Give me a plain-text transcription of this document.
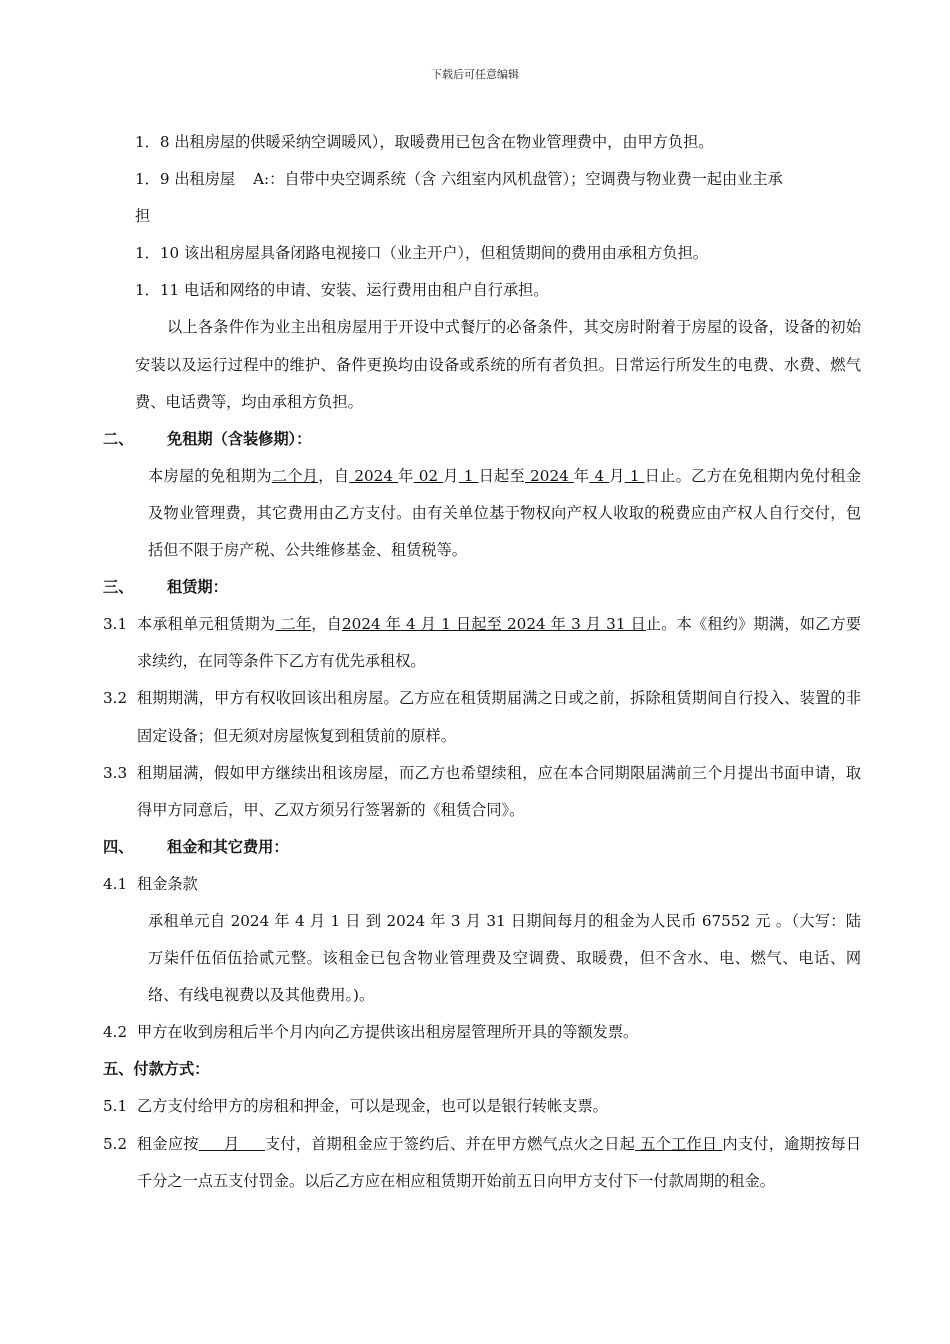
下载后可任意编辑

1．8 出租房屋的供暖采纳空调暖风），取暖费用已包含在物业管理费中，由甲方负担。

1．9 出租房屋 A:：自带中央空调系统（含 六组室内风机盘管）；空调费与物业费一起由业主承

担

1．10 该出租房屋具备闭路电视接口（业主开户），但租赁期间的费用由承租方负担。

1．11 电话和网络的申请、安装、运行费用由租户自行承担。

以上各条件作为业主出租房屋用于开设中式餐厅的必备条件，其交房时附着于房屋的设备，设备的初始安装以及运行过程中的维护、备件更换均由设备或系统的所有者负担。日常运行所发生的电费、水费、燃气费、电话费等，均由承租方负担。

二、 免租期（含装修期）：

本房屋的免租期为二个月，自 2024 年 02 月 1 日起至 2024 年 4 月 1 日止。乙方在免租期内免付租金及物业管理费，其它费用由乙方支付。由有关单位基于物权向产权人收取的税费应由产权人自行交付，包括但不限于房产税、公共维修基金、租赁税等。

三、 租赁期：

3.1 本承租单元租赁期为 二年，自2024 年 4 月 1 日起至 2024 年 3 月 31 日止。本《租约》期满，如乙方要求续约，在同等条件下乙方有优先承租权。
3.2 租期期满，甲方有权收回该出租房屋。乙方应在租赁期届满之日或之前，拆除租赁期间自行投入、装置的非固定设备；但无须对房屋恢复到租赁前的原样。
3.3 租期届满，假如甲方继续出租该房屋，而乙方也希望续租，应在本合同期限届满前三个月提出书面申请，取得甲方同意后，甲、乙双方须另行签署新的《租赁合同》。

四、 租金和其它费用：

4.1 租金条款

承租单元自 2024 年 4 月 1 日 到 2024 年 3 月 31 日期间每月的租金为人民币 67552 元 。（大写：陆万柒仟伍佰伍拾贰元整。该租金已包含物业管理费及空调费、取暖费，但不含水、电、燃气、电话、网络、有线电视费以及其他费用。)。

4.2 甲方在收到房租后半个月内向乙方提供该出租房屋管理所开具的等额发票。

五、付款方式：

5.1 乙方支付给甲方的房租和押金，可以是现金，也可以是银行转帐支票。
5.2 租金应按     月     支付，首期租金应于签约后、并在甲方燃气点火之日起 五个工作日 内支付，逾期按每日千分之一点五支付罚金。以后乙方应在相应租赁期开始前五日向甲方支付下一付款周期的租金。
